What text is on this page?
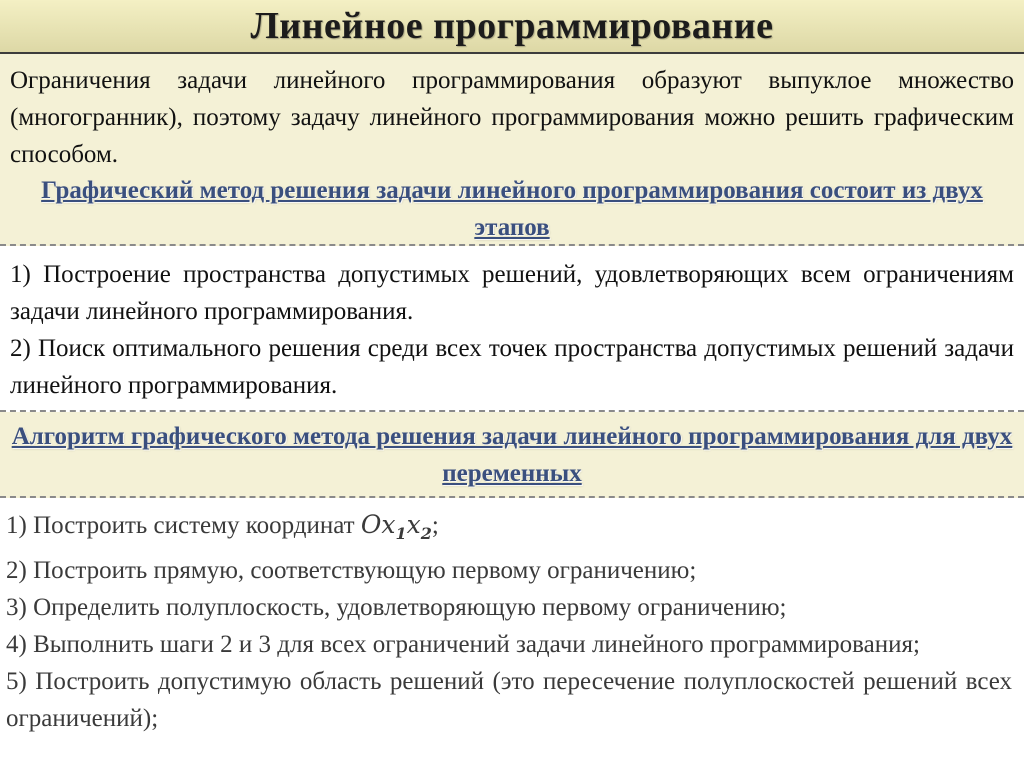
Линейное программирование
Ограничения задачи линейного программирования образуют выпуклое множество (многогранник), поэтому задачу линейного программирования можно решить графическим способом.
Графический метод решения задачи линейного программирования состоит из двух этапов

1) Построение пространства допустимых решений, удовлетворяющих всем ограничениям задачи линейного программирования.

2) Поиск оптимального решения среди всех точек пространства допустимых решений задачи линейного программирования.

Алгоритм графического метода решения задачи линейного программирования для двух переменных

1) Построить систему координат $Ox_1x_2$;

2) Построить прямую, соответствующую первому ограничению;

3) Определить полуплоскость, удовлетворяющую первому ограничению;

4) Выполнить шаги 2 и 3 для всех ограничений задачи линейного программирования;

5) Построить допустимую область решений (это пересечение полуплоскостей решений всех ограничений);
